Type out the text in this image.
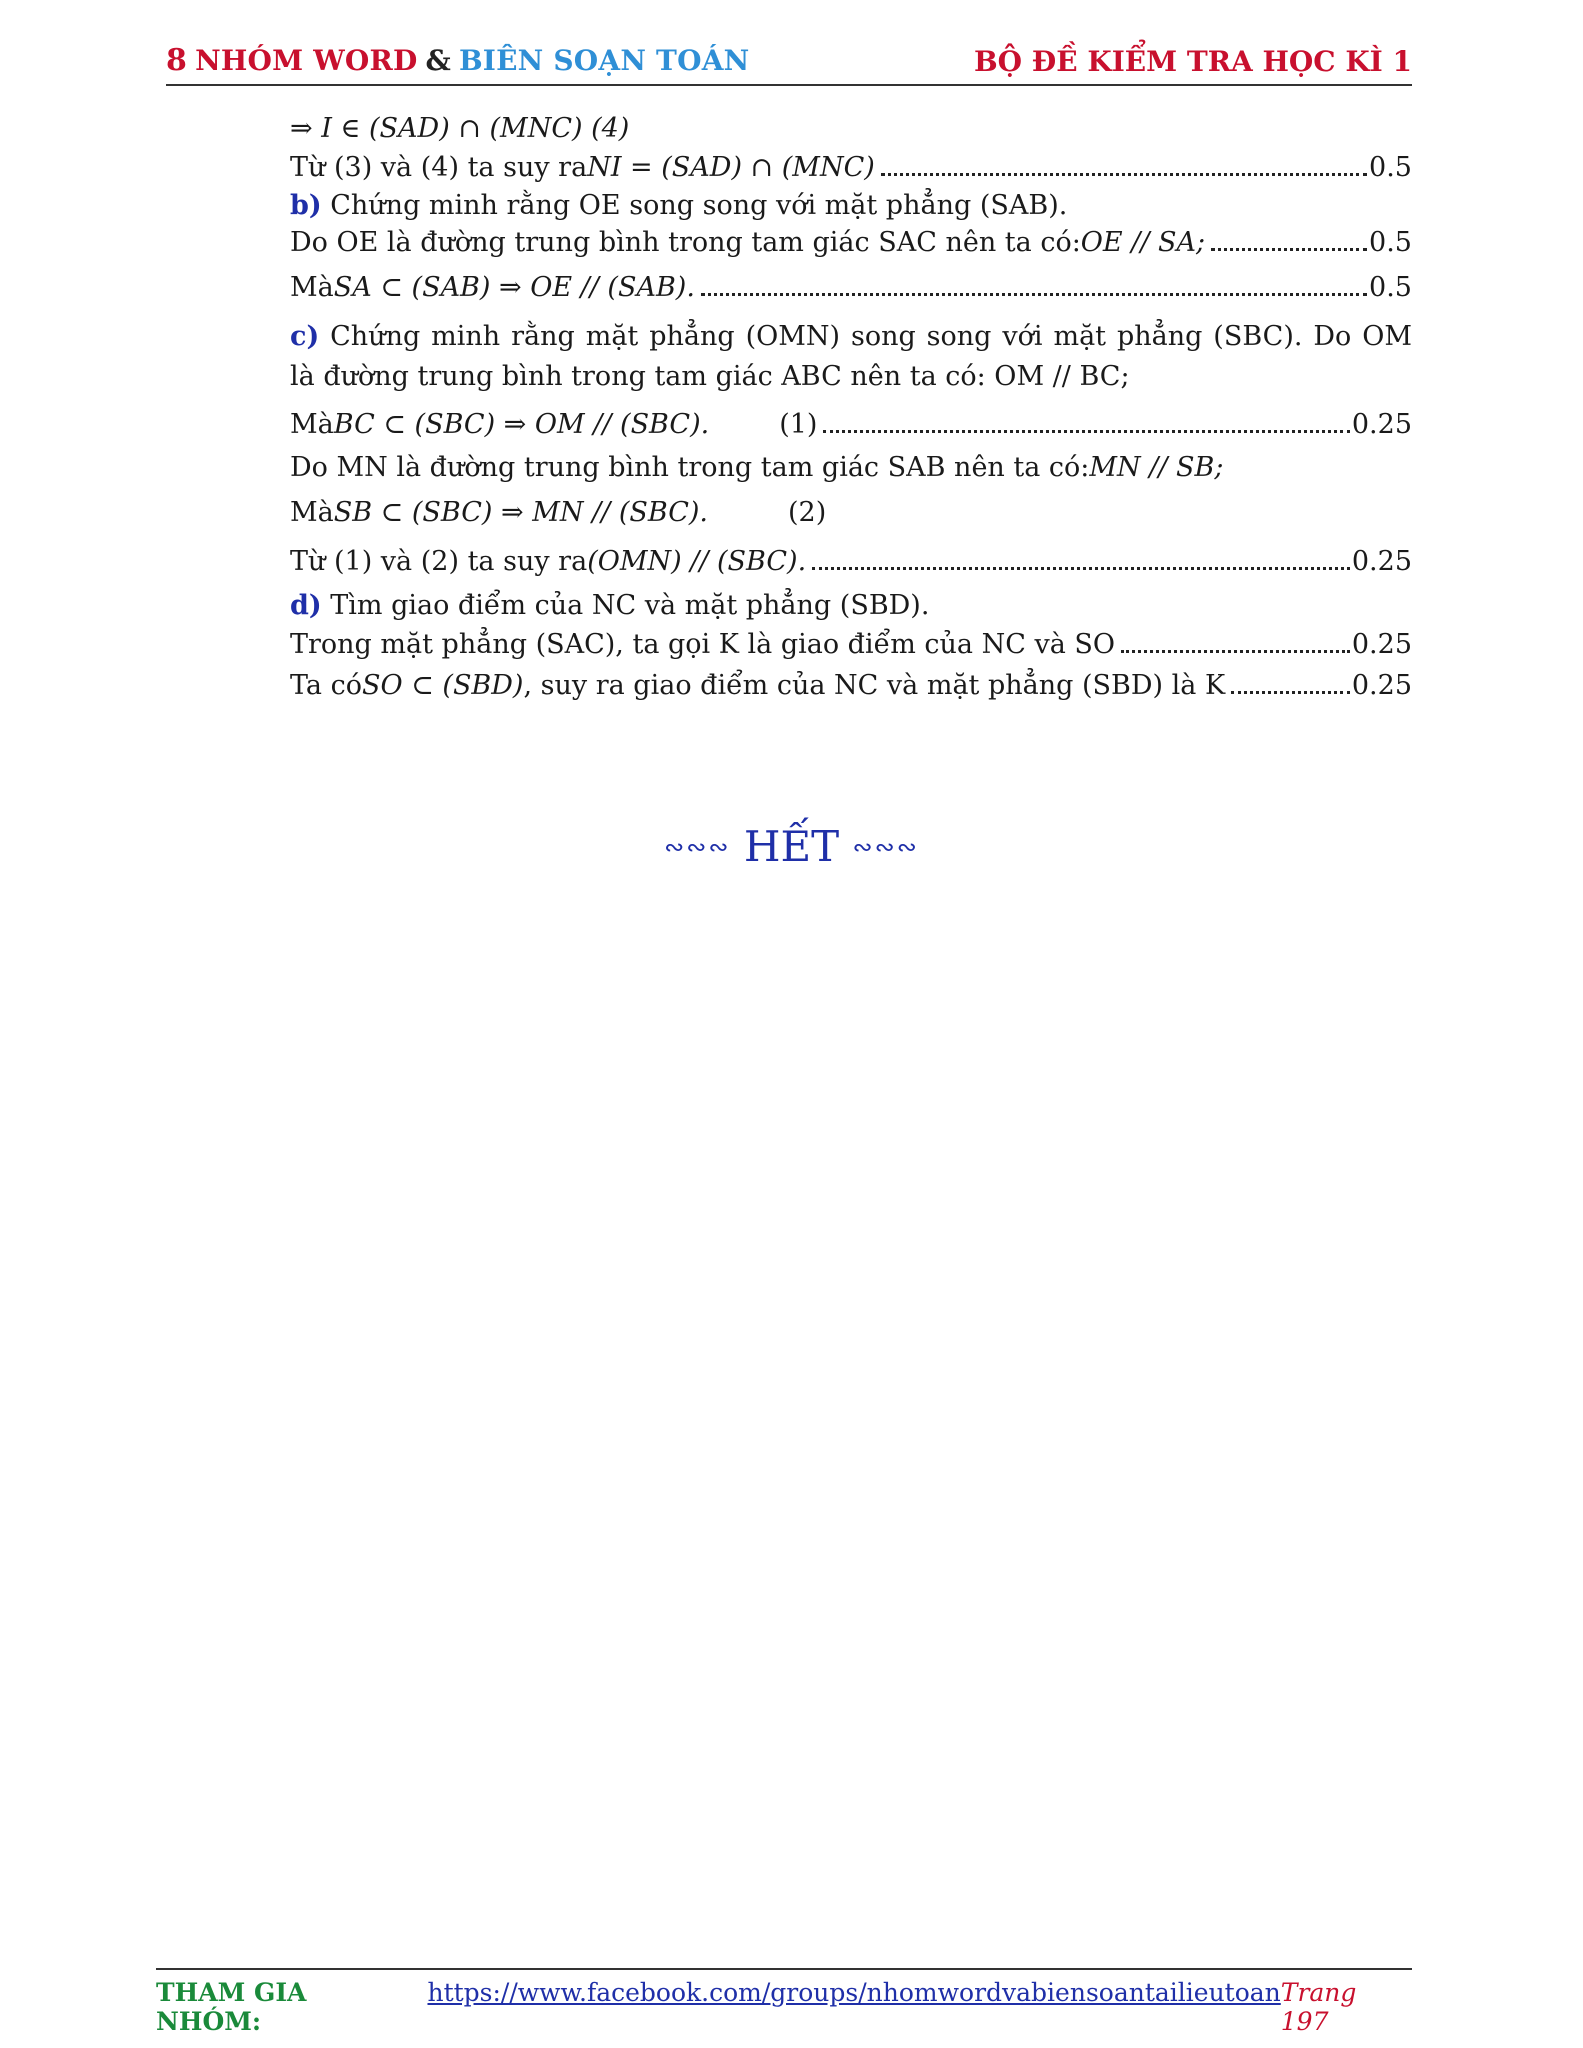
8 NHÓM WORD & BIÊN SOẠN TOÁN	BỘ ĐỀ KIỂM TRA HỌC KÌ 1

⇒ I ∈ (SAD) ∩ (MNC) (4)

Từ (3) và (4) ta suy ra NI = (SAD) ∩ (MNC)	0.5

b) Chứng minh rằng OE song song với mặt phẳng (SAB).

Do OE là đường trung bình trong tam giác SAC nên ta có: OE // SA;	0.5
Mà SA ⊂ (SAB) ⇒ OE // (SAB).	0.5

c) Chứng minh rằng mặt phẳng (OMN) song song với mặt phẳng (SBC). Do OM là đường trung bình trong tam giác ABC nên ta có: OM // BC;

Mà BC ⊂ (SBC) ⇒ OM // (SBC).	(1)	0.25
Do MN là đường trung bình trong tam giác SAB nên ta có: MN // SB;
Mà SB ⊂ (SBC) ⇒ MN // (SBC).	(2)
Từ (1) và (2) ta suy ra (OMN) // (SBC).	0.25

d) Tìm giao điểm của NC và mặt phẳng (SBD).

Trong mặt phẳng (SAC), ta gọi K là giao điểm của NC và SO	0.25
Ta có SO ⊂ (SBD) , suy ra giao điểm của NC và mặt phẳng (SBD) là K	0.25
∾∾∾ HẾT ∾∾∾
THAM GIA NHÓM:
https://www.facebook.com/groups/nhomwordvabiensoantailieutoan Trang 197
